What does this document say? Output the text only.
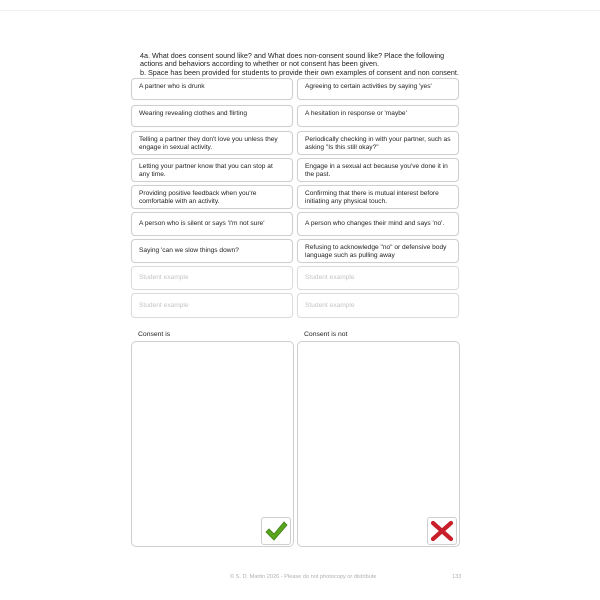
4a. What does consent sound like? and What does non-consent sound like? Place the following
actions and behaviors according to whether or not consent has been given.
b. Space has been provided for students to provide their own examples of consent and non consent.
A partner who is drunk	Agreeing to certain activities by saying 'yes'
Wearing revealing clothes and flirting	A hesitation in response or 'maybe'
Telling a partner they don't love you unless they engage in sexual activity.
Periodically checking in with your partner, such as asking "Is this still okay?"
Letting your partner know that you can stop at any time.
Engage in a sexual act because you've done it in the past.
Providing positive feedback when you're comfortable with an activity.
Confirming that there is mutual interest before initiating any physical touch.
A person who is silent or says 'I'm not sure'	A person who changes their mind and says 'no'.
Saying 'can we slow things down?	Refusing to acknowledge "no" or defensive body language such as pulling away
Student example	Student example
Student example	Student example
Consent is	Consent is not
© S. D. Martin 2026 - Please do not photocopy or distribute	133
